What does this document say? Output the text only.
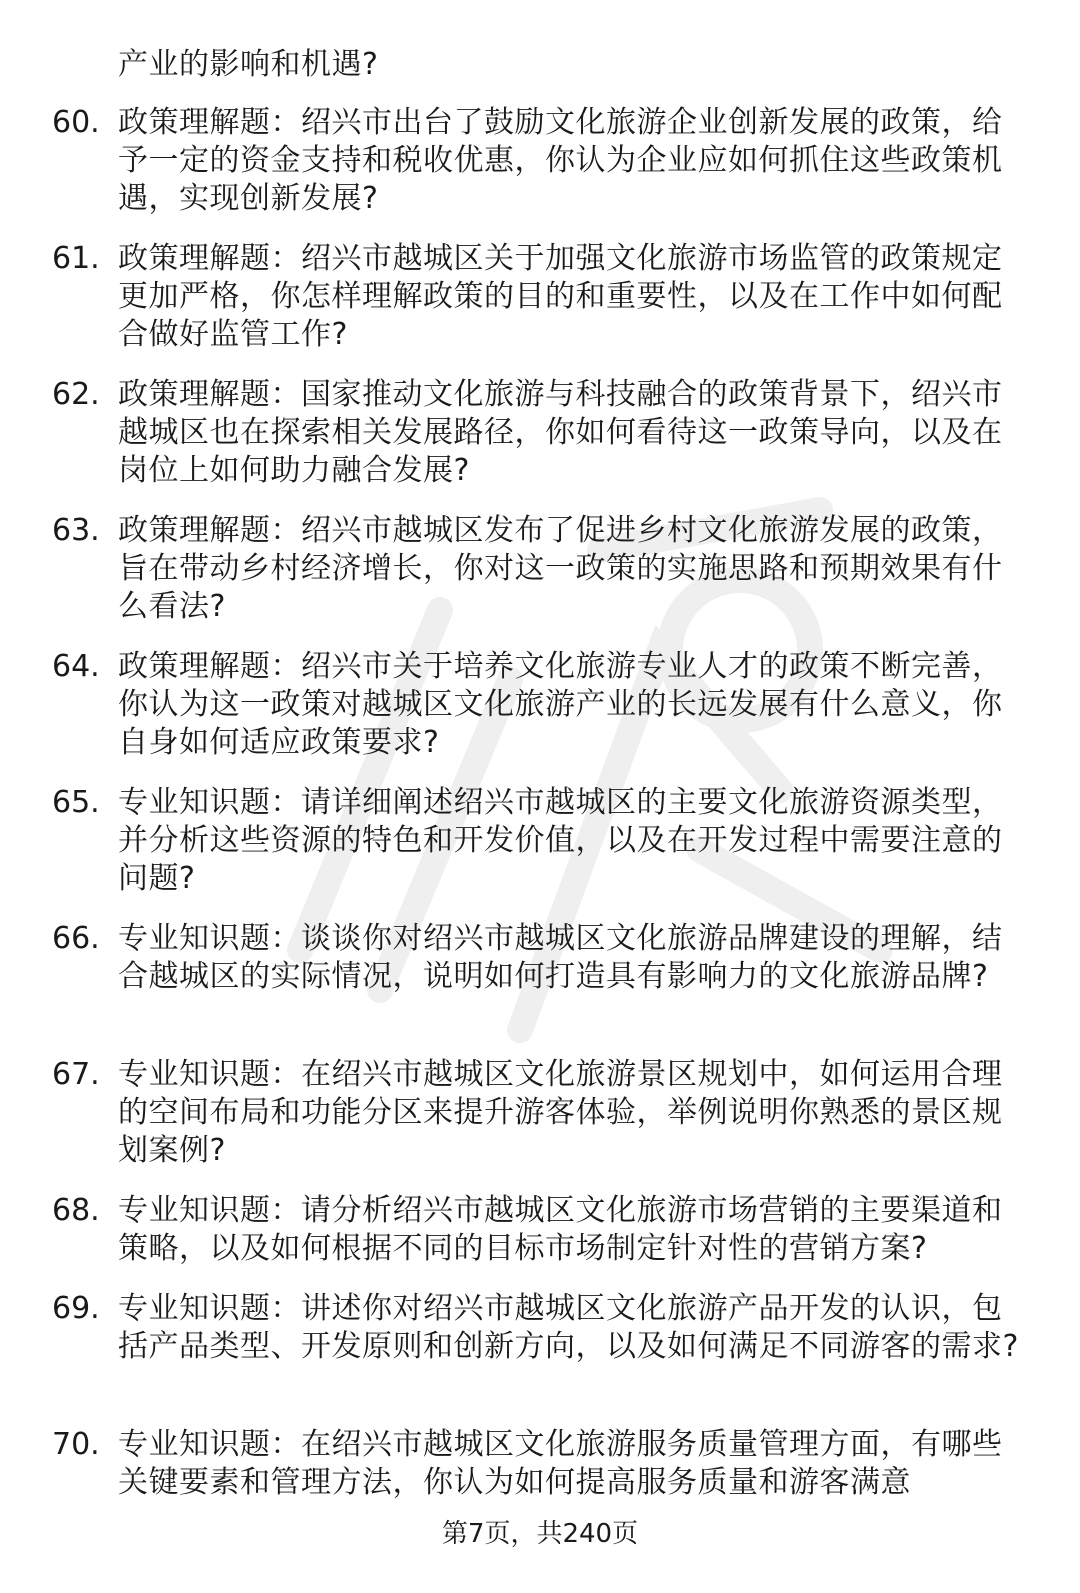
产业的影响和机遇?
60. 政策理解题：绍兴市出台了鼓励文化旅游企业创新发展的政策，给予一定的资金支持和税收优惠，你认为企业应如何抓住这些政策机遇，实现创新发展?
61. 政策理解题：绍兴市越城区关于加强文化旅游市场监管的政策规定更加严格，你怎样理解政策的目的和重要性，以及在工作中如何配合做好监管工作?
62. 政策理解题：国家推动文化旅游与科技融合的政策背景下，绍兴市越城区也在探索相关发展路径，你如何看待这一政策导向，以及在岗位上如何助力融合发展?
63. 政策理解题：绍兴市越城区发布了促进乡村文化旅游发展的政策，旨在带动乡村经济增长，你对这一政策的实施思路和预期效果有什么看法?
64. 政策理解题：绍兴市关于培养文化旅游专业人才的政策不断完善，你认为这一政策对越城区文化旅游产业的长远发展有什么意义，你自身如何适应政策要求?
65. 专业知识题：请详细阐述绍兴市越城区的主要文化旅游资源类型，并分析这些资源的特色和开发价值，以及在开发过程中需要注意的问题?
66. 专业知识题：谈谈你对绍兴市越城区文化旅游品牌建设的理解，结合越城区的实际情况，说明如何打造具有影响力的文化旅游品牌?
67. 专业知识题：在绍兴市越城区文化旅游景区规划中，如何运用合理的空间布局和功能分区来提升游客体验，举例说明你熟悉的景区规划案例?
68. 专业知识题：请分析绍兴市越城区文化旅游市场营销的主要渠道和策略，以及如何根据不同的目标市场制定针对性的营销方案?
69. 专业知识题：讲述你对绍兴市越城区文化旅游产品开发的认识，包括产品类型、开发原则和创新方向，以及如何满足不同游客的需求?
70. 专业知识题：在绍兴市越城区文化旅游服务质量管理方面，有哪些关键要素和管理方法，你认为如何提高服务质量和游客满意
第7页，共240页
